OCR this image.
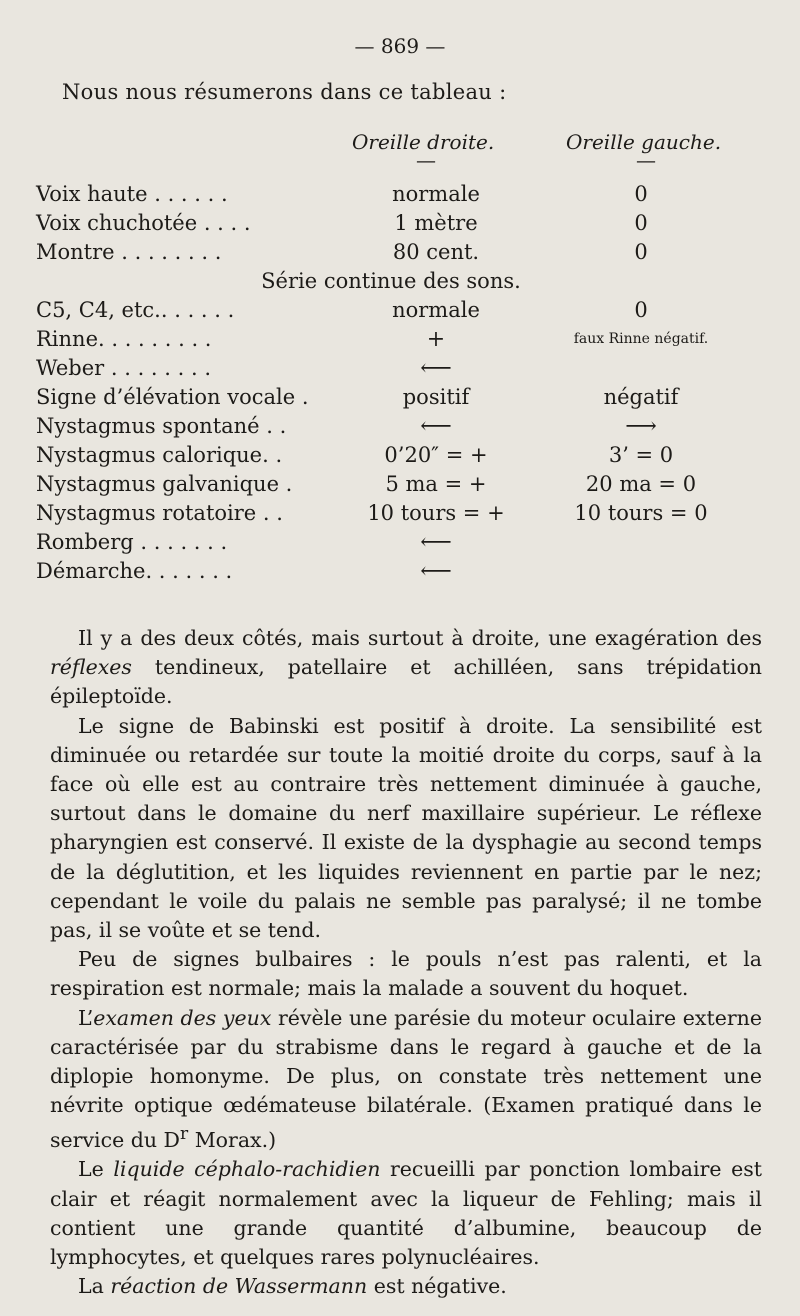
— 869 —
Nous nous résumerons dans ce tableau :
Oreille droite.	Oreille gauche.
—	—
Voix haute . . . . . .	normale	0
Voix chuchotée . . . .	1 mètre	0
Montre . . . . . . . .	80 cent.	0
Série continue des sons.		
C5, C4, etc.. . . . . .	normale	0
Rinne. . . . . . . . .	+	faux Rinne négatif.
Weber . . . . . . . .	⟵	
Signe d’élévation vocale .	positif	négatif
Nystagmus spontané . .	⟵	⟶
Nystagmus calorique. .	0’20″ = +	3’ = 0
Nystagmus galvanique .	5 ma = +	20 ma = 0
Nystagmus rotatoire . .	10 tours = +	10 tours = 0
Romberg . . . . . . .	⟵	
Démarche. . . . . . .	⟵	

Il y a des deux côtés, mais surtout à droite, une exagération des réflexes tendineux, patellaire et achilléen, sans trépidation épileptoïde.

Le signe de Babinski est positif à droite. La sensibilité est diminuée ou retardée sur toute la moitié droite du corps, sauf à la face où elle est au contraire très nettement diminuée à gauche, surtout dans le domaine du nerf maxillaire supérieur. Le réflexe pharyngien est conservé. Il existe de la dysphagie au second temps de la déglutition, et les liquides reviennent en partie par le nez; cependant le voile du palais ne semble pas paralysé; il ne tombe pas, il se voûte et se tend.

Peu de signes bulbaires : le pouls n’est pas ralenti, et la respiration est normale; mais la malade a souvent du hoquet.

L’examen des yeux révèle une parésie du moteur oculaire externe caractérisée par du strabisme dans le regard à gauche et de la diplopie homonyme. De plus, on constate très nettement une névrite optique œdémateuse bilatérale. (Examen pratiqué dans le service du $D^r$ Morax.)

Le liquide céphalo-rachidien recueilli par ponction lombaire est clair et réagit normalement avec la liqueur de Fehling; mais il contient une grande quantité d’albumine, beaucoup de lymphocytes, et quelques rares polynucléaires.

La réaction de Wassermann est négative.
